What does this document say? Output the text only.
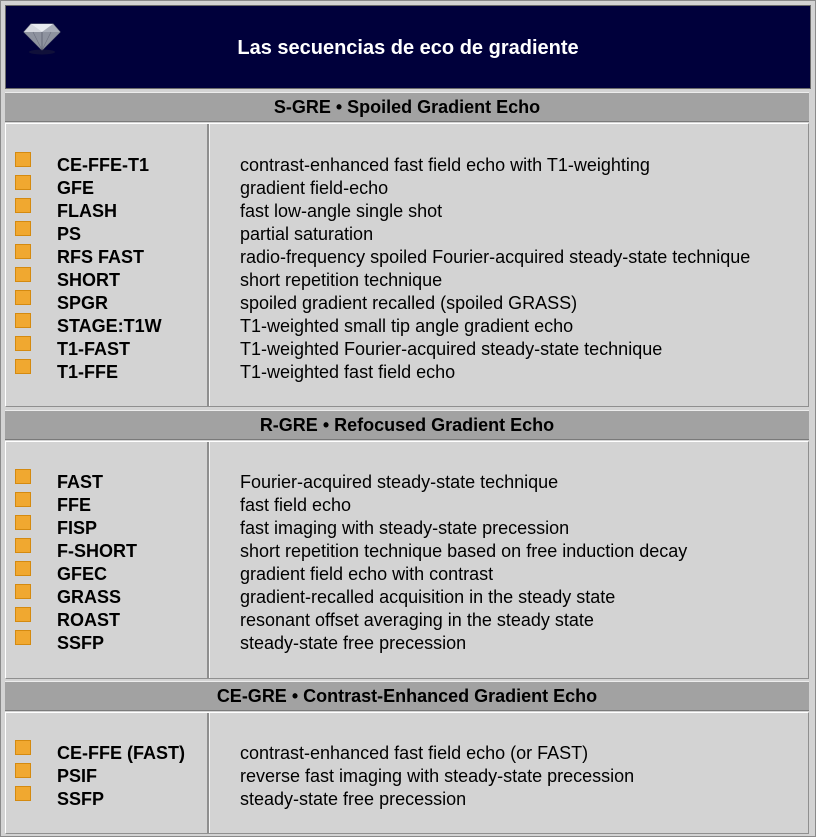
Las secuencias de eco de gradiente
S-GRE • Spoiled Gradient Echo
CE-FFE-T1	contrast-enhanced fast field echo with T1-weighting
GFE	gradient field-echo
FLASH	fast low-angle single shot
PS	partial saturation
RFS FAST	radio-frequency spoiled Fourier-acquired steady-state technique
SHORT	short repetition technique
SPGR	spoiled gradient recalled (spoiled GRASS)
STAGE:T1W	T1-weighted small tip angle gradient echo
T1-FAST	T1-weighted Fourier-acquired steady-state technique
T1-FFE	T1-weighted fast field echo
R-GRE • Refocused Gradient Echo
FAST	Fourier-acquired steady-state technique
FFE	fast field echo
FISP	fast imaging with steady-state precession
F-SHORT	short repetition technique based on free induction decay
GFEC	gradient field echo with contrast
GRASS	gradient-recalled acquisition in the steady state
ROAST	resonant offset averaging in the steady state
SSFP	steady-state free precession
CE-GRE • Contrast-Enhanced Gradient Echo
CE-FFE (FAST)	contrast-enhanced fast field echo (or FAST)
PSIF	reverse fast imaging with steady-state precession
SSFP	steady-state free precession
